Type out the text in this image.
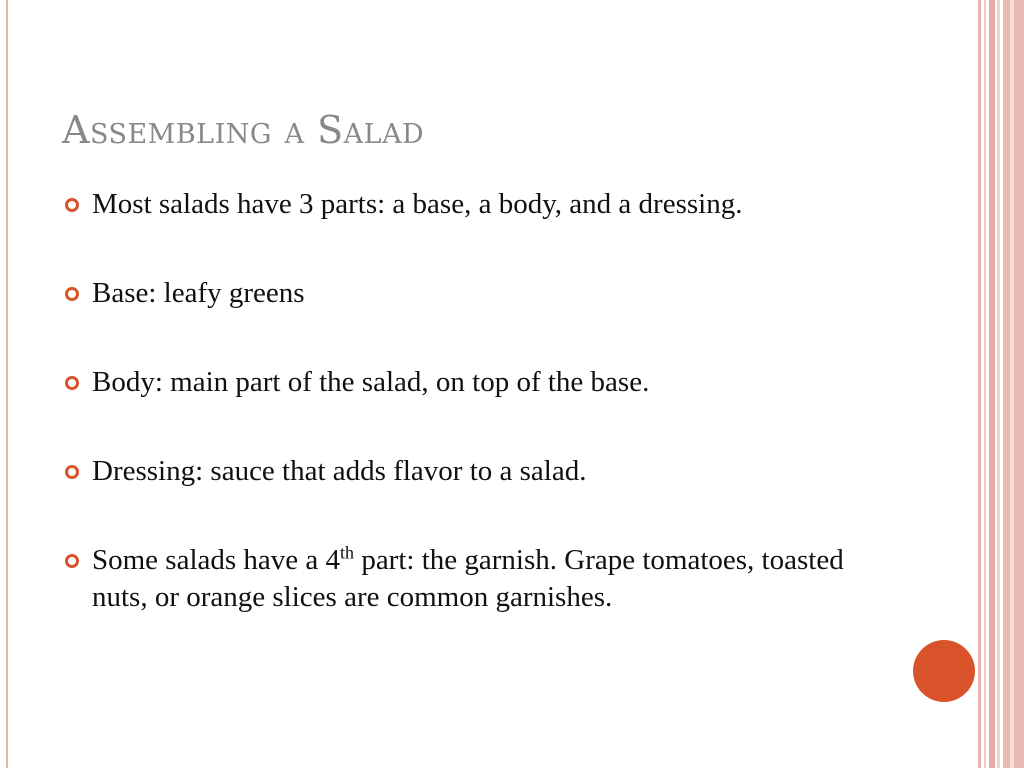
Assembling a Salad
Most salads have 3 parts: a base, a body, and a dressing.
Base: leafy greens
Body: main part of the salad, on top of the base.
Dressing: sauce that adds flavor to a salad.
Some salads have a 4th part: the garnish. Grape tomatoes, toasted nuts, or orange slices are common garnishes.
